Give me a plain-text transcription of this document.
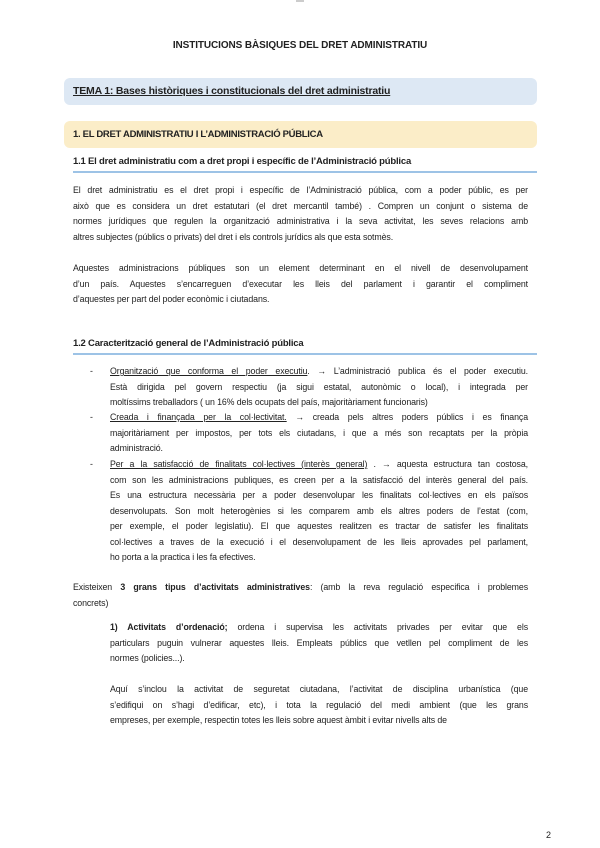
INSTITUCIONS BÀSIQUES DEL DRET ADMINISTRATIU
TEMA 1: Bases històriques i constitucionals del dret administratiu
1. EL DRET ADMINISTRATIU I L’ADMINISTRACIÓ PÚBLICA
1.1 El dret administratiu com a dret propi i específic de l’Administració pública
1.2 Caracterització general de l’Administració pública
El dret administratiu es el dret propi i específic de l’Administració pública, com a poder públic, es per
això que es considera un dret estatutari (el dret mercantil també) . Compren un conjunt o sistema de
normes jurídiques que regulen la organització administrativa i la seva activitat, les seves relacions amb
altres subjectes (públics o privats) del dret i els controls jurídics als que esta sotmès.
Aquestes administracions públiques son un element determinant en el nivell de desenvolupament
d’un país. Aquestes s’encarreguen d’executar les lleis del parlament i garantir el compliment
d’aquestes per part del poder econòmic i ciutadans.
- Organització que conforma el poder executiu. → L’administració publica és el poder executiu.
Està dirigida pel govern respectiu (ja sigui estatal, autonòmic o local), i integrada per
moltíssims treballadors ( un 16% dels ocupats del país, majoritàriament funcionaris)
- Creada i finançada per la col·lectivitat. → creada pels altres poders públics i es finança
majoritàriament per impostos, per tots els ciutadans, i que a més son recaptats per la pròpia
administració.
- Per a la satisfacció de finalitats col·lectives (interès general) . → aquesta estructura tan costosa,
com son les administracions publiques, es creen per a la satisfacció del interès general del país.
Es una estructura necessària per a poder desenvolupar les finalitats col·lectives en els països
desenvolupats. Son molt heterogènies si les comparem amb els altres poders de l’estat (com,
per exemple, el poder legislatiu). El que aquestes realitzen es tractar de satisfer les finalitats
col·lectives a traves de la execució i el desenvolupament de les lleis aprovades pel parlament,
ho porta a la practica i les fa efectives.
Existeixen 3 grans tipus d’activitats administratives: (amb la reva regulació especifica i problemes
concrets)
1) Activitats d’ordenació; ordena i supervisa les activitats privades per evitar que els
particulars puguin vulnerar aquestes lleis. Empleats públics que vetllen pel compliment de les
normes (policies...).
Aquí s’inclou la activitat de seguretat ciutadana, l’activitat de disciplina urbanística (que
s’edifiqui on s’hagi d’edificar, etc), i tota la regulació del medi ambient (que les grans
empreses, per exemple, respectin totes les lleis sobre aquest àmbit i evitar nivells alts de
2
